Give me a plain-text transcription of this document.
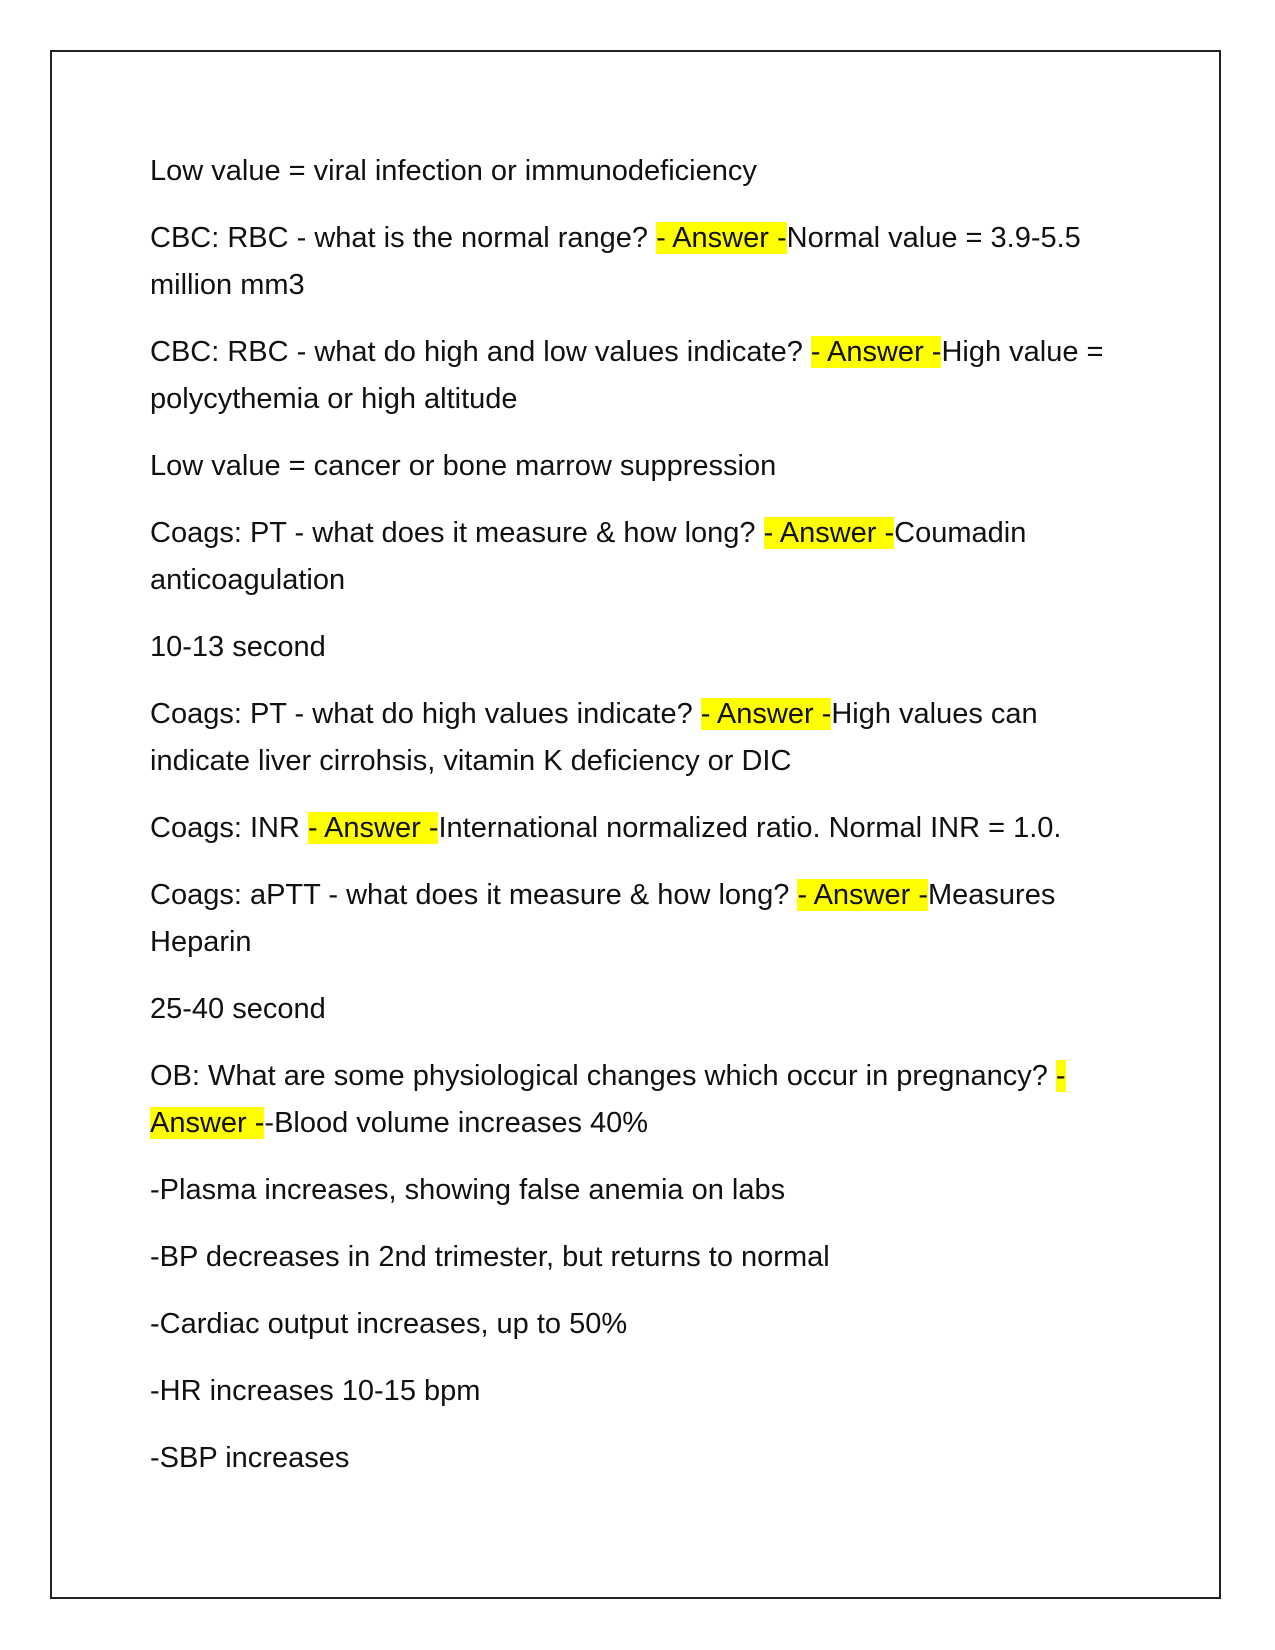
Low value = viral infection or immunodeficiency

CBC: RBC - what is the normal range? - Answer -Normal value = 3.9-5.5 million mm3

CBC: RBC - what do high and low values indicate? - Answer -High value = polycythemia or high altitude

Low value = cancer or bone marrow suppression

Coags: PT - what does it measure & how long? - Answer -Coumadin anticoagulation

10-13 second

Coags: PT - what do high values indicate? - Answer -High values can indicate liver cirrohsis, vitamin K deficiency or DIC

Coags: INR - Answer -International normalized ratio. Normal INR = 1.0.

Coags: aPTT - what does it measure & how long? - Answer -Measures Heparin

25-40 second

OB: What are some physiological changes which occur in pregnancy? - Answer --Blood volume increases 40%

-Plasma increases, showing false anemia on labs

-BP decreases in 2nd trimester, but returns to normal

-Cardiac output increases, up to 50%

-HR increases 10-15 bpm

-SBP increases
